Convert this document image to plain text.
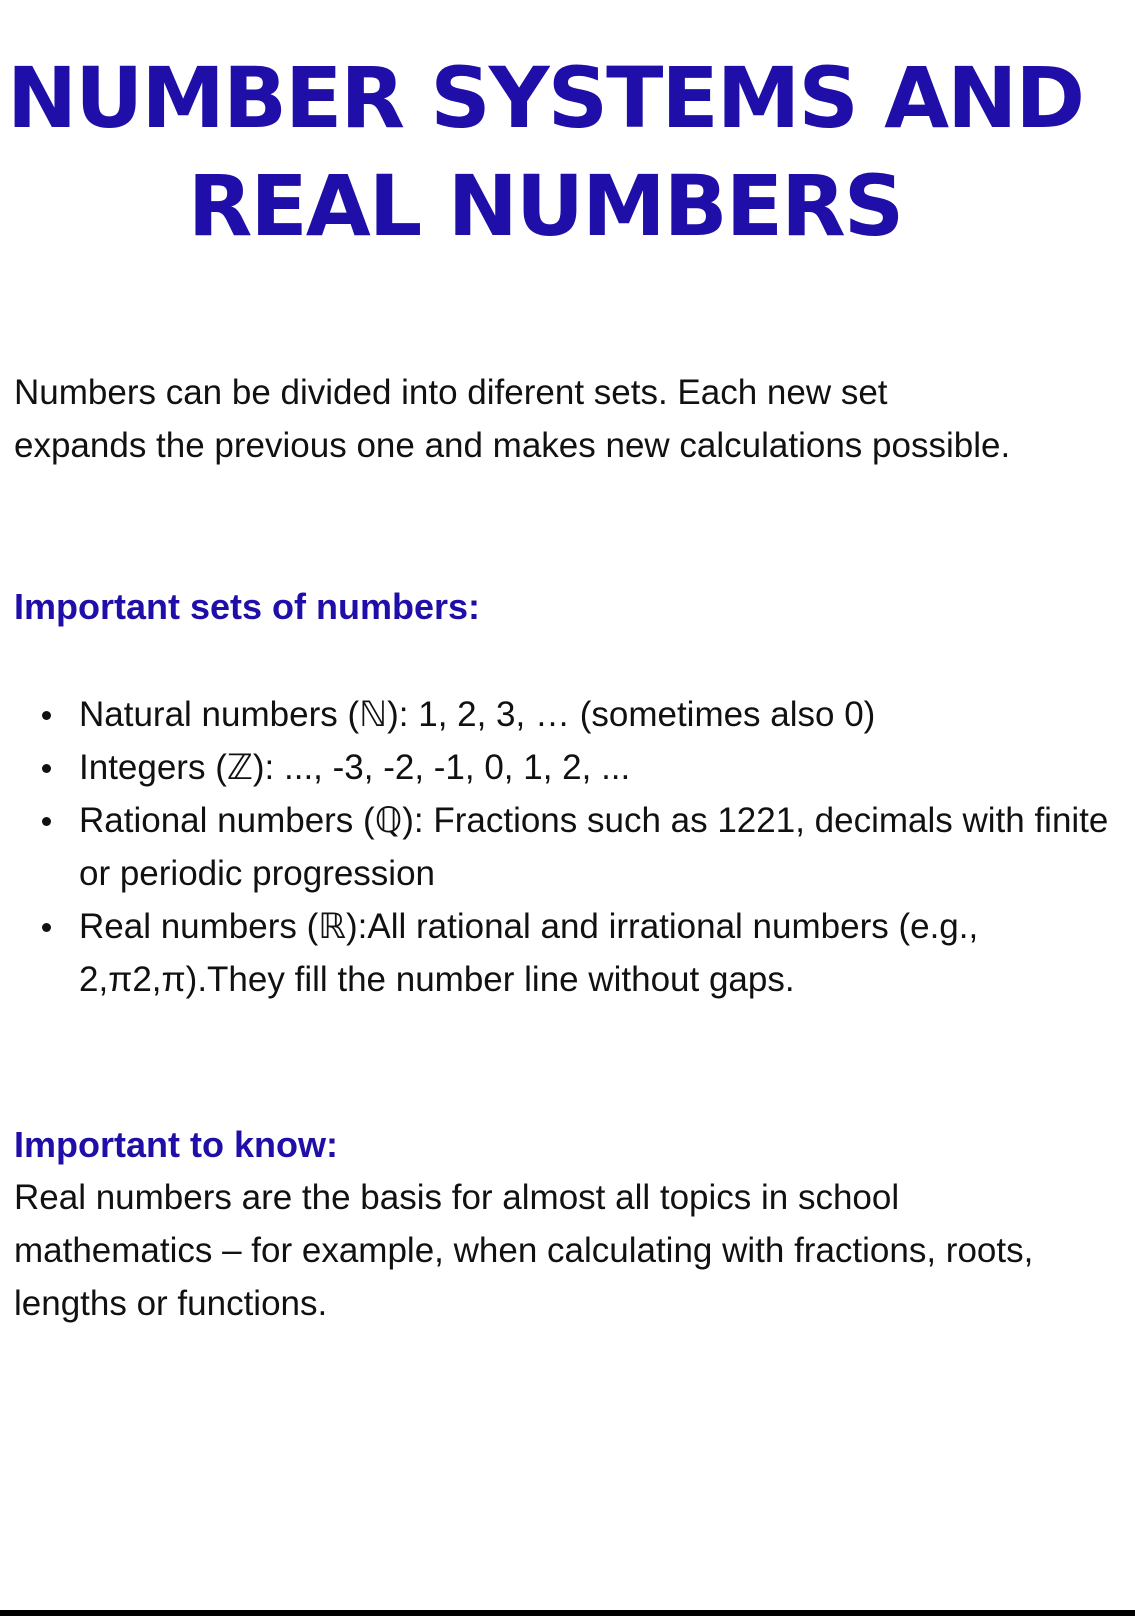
NUMBER SYSTEMS AND
REAL NUMBERS

Numbers can be divided into diferent sets. Each new set expands the previous one and makes new calculations possible.

Important sets of numbers:
Natural numbers (ℕ): 1, 2, 3, … (sometimes also 0)
Integers (ℤ): ..., -3, -2, -1, 0, 1, 2, ...
Rational numbers (ℚ): Fractions such as 1221, decimals with finite or periodic progression
Real numbers (ℝ):All rational and irrational numbers (e.g., 2,π2,π).They fill the number line without gaps.
Important to know:

Real numbers are the basis for almost all topics in school mathematics – for example, when calculating with fractions, roots, lengths or functions.
